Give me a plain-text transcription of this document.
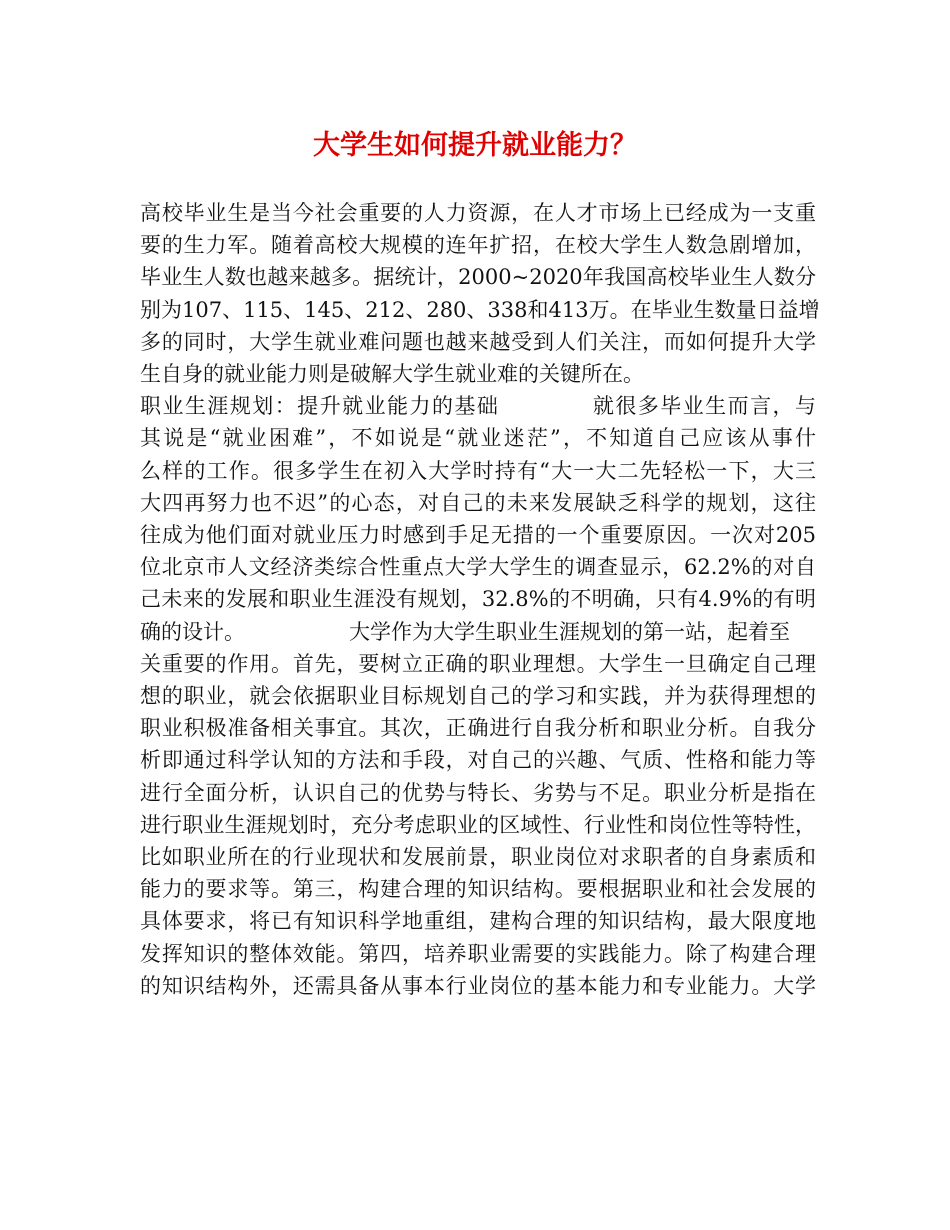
大学生如何提升就业能力？
高校毕业生是当今社会重要的人力资源，在人才市场上已经成为一支重
要的生力军。随着高校大规模的连年扩招，在校大学生人数急剧增加，
毕业生人数也越来越多。据统计，2000~2020年我国高校毕业生人数分
别为107、115、145、212、280、338和413万。在毕业生数量日益增
多的同时，大学生就业难问题也越来越受到人们关注，而如何提升大学
生自身的就业能力则是破解大学生就业难的关键所在。
职业生涯规划：提升就业能力的基础	就很多毕业生而言，与
其说是“就业困难”，不如说是“就业迷茫”，不知道自己应该从事什
么样的工作。很多学生在初入大学时持有“大一大二先轻松一下，大三
大四再努力也不迟”的心态，对自己的未来发展缺乏科学的规划，这往
往成为他们面对就业压力时感到手足无措的一个重要原因。一次对205
位北京市人文经济类综合性重点大学大学生的调查显示，62.2%的对自
己未来的发展和职业生涯没有规划，32.8%的不明确，只有4.9%的有明
确的设计。	大学作为大学生职业生涯规划的第一站，起着至
关重要的作用。首先，要树立正确的职业理想。大学生一旦确定自己理
想的职业，就会依据职业目标规划自己的学习和实践，并为获得理想的
职业积极准备相关事宜。其次，正确进行自我分析和职业分析。自我分
析即通过科学认知的方法和手段，对自己的兴趣、气质、性格和能力等
进行全面分析，认识自己的优势与特长、劣势与不足。职业分析是指在
进行职业生涯规划时，充分考虑职业的区域性、行业性和岗位性等特性，
比如职业所在的行业现状和发展前景，职业岗位对求职者的自身素质和
能力的要求等。第三，构建合理的知识结构。要根据职业和社会发展的
具体要求，将已有知识科学地重组，建构合理的知识结构，最大限度地
发挥知识的整体效能。第四，培养职业需要的实践能力。除了构建合理
的知识结构外，还需具备从事本行业岗位的基本能力和专业能力。大学
